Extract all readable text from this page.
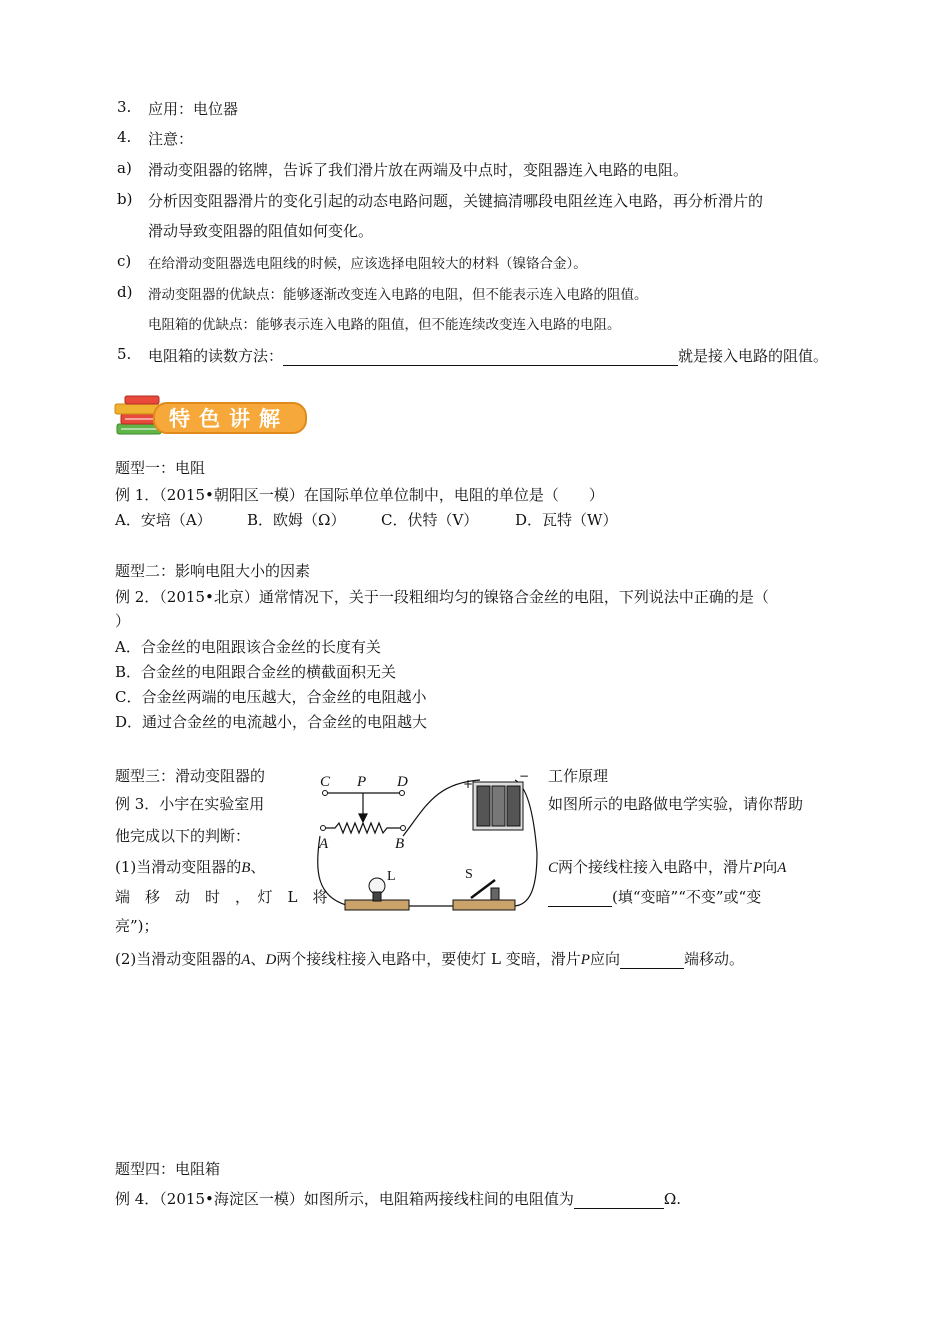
3. 应用：电位器
4. 注意：
a) 滑动变阻器的铭牌，告诉了我们滑片放在两端及中点时，变阻器连入电路的电阻。
b) 分析因变阻器滑片的变化引起的动态电路问题，关键搞清哪段电阻丝连入电路，再分析滑片的
滑动导致变阻器的阻值如何变化。
c) 在给滑动变阻器选电阻线的时候，应该选择电阻较大的材料（镍铬合金）。
d) 滑动变阻器的优缺点：能够逐渐改变连入电路的电阻，但不能表示连入电路的阻值。
电阻箱的优缺点：能够表示连入电路的阻值，但不能连续改变连入电路的电阻。
5. 电阻箱的读数方法：	就是接入电路的阻值。
特色讲解
题型一：电阻
例 1．（2015•朝阳区一模）在国际单位单位制中，电阻的单位是（　　）
A．安培（A） B．欧姆（Ω） C．伏特（V） D．瓦特（W）
题型二：影响电阻大小的因素
例 2．（2015•北京）通常情况下，关于一段粗细均匀的镍铬合金丝的电阻，下列说法中正确的是（
）
A．合金丝的电阻跟该合金丝的长度有关
B．合金丝的电阻跟合金丝的横截面积无关
C．合金丝两端的电压越大，合金丝的电阻越小
D．通过合金丝的电流越小，合金丝的电阻越大
题型三：滑动变阻器的	工作原理
例 3．小宇在实验室用	如图所示的电路做电学实验，请你帮助
他完成以下的判断：
(1)当滑动变阻器的B、	C两个接线柱接入电路中，滑片P向A
端　移　动　时　，　灯　L　将	(填“变暗”“不变”或“变
亮”)；
(2)当滑动变阻器的A、D两个接线柱接入电路中，要使灯 L 变暗，滑片P应向	端移动。
C P D
A	B
+
−
L	S
题型四：电阻箱
例 4．（2015•海淀区一模）如图所示，电阻箱两接线柱间的电阻值为	Ω.
